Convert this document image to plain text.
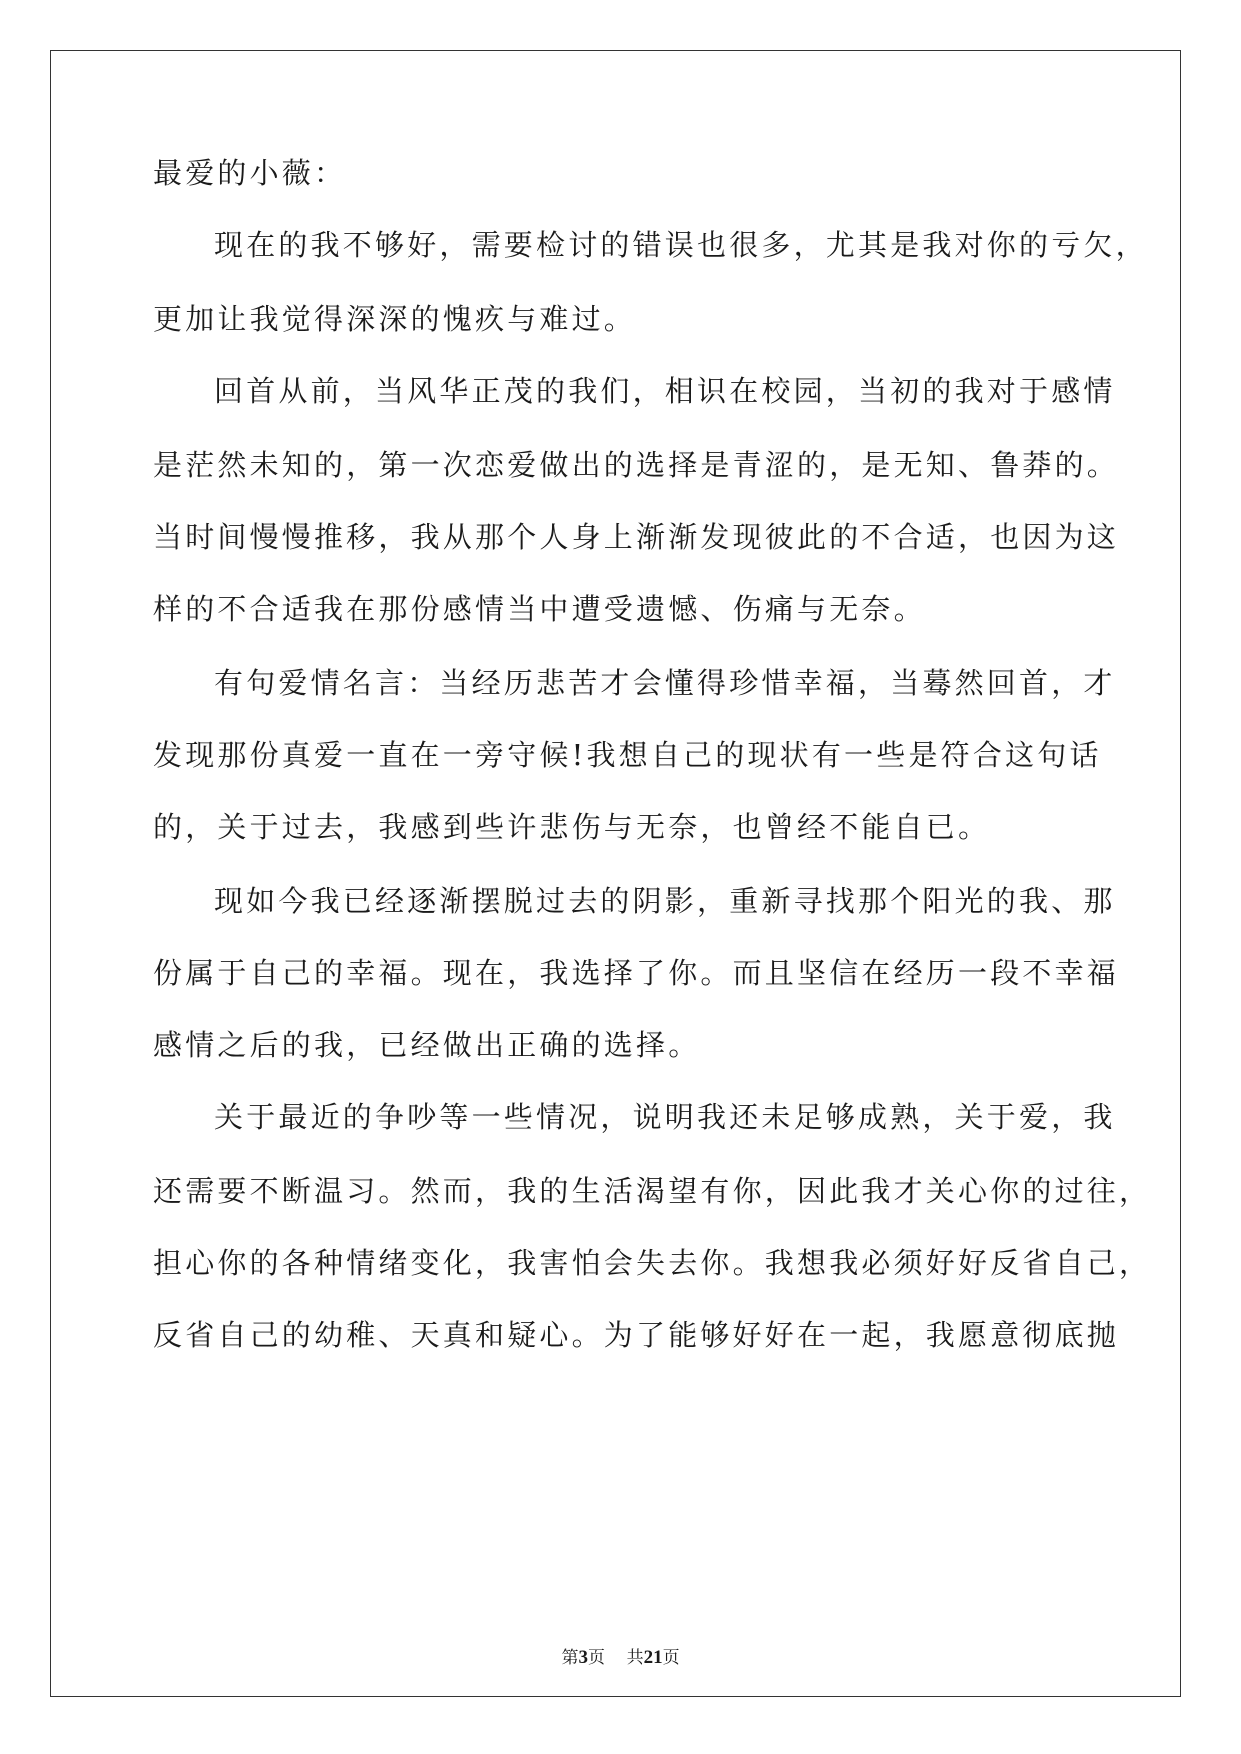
最爱的小薇：
现在的我不够好，需要检讨的错误也很多，尤其是我对你的亏欠，
更加让我觉得深深的愧疚与难过。
回首从前，当风华正茂的我们，相识在校园，当初的我对于感情
是茫然未知的，第一次恋爱做出的选择是青涩的，是无知、鲁莽的。
当时间慢慢推移，我从那个人身上渐渐发现彼此的不合适，也因为这
样的不合适我在那份感情当中遭受遗憾、伤痛与无奈。
有句爱情名言：当经历悲苦才会懂得珍惜幸福，当蓦然回首，才
发现那份真爱一直在一旁守候!我想自己的现状有一些是符合这句话
的，关于过去，我感到些许悲伤与无奈，也曾经不能自已。
现如今我已经逐渐摆脱过去的阴影，重新寻找那个阳光的我、那
份属于自己的幸福。现在，我选择了你。而且坚信在经历一段不幸福
感情之后的我，已经做出正确的选择。
关于最近的争吵等一些情况，说明我还未足够成熟，关于爱，我
还需要不断温习。然而，我的生活渴望有你，因此我才关心你的过往，
担心你的各种情绪变化，我害怕会失去你。我想我必须好好反省自己，
反省自己的幼稚、天真和疑心。为了能够好好在一起，我愿意彻底抛
第3页 共21页
